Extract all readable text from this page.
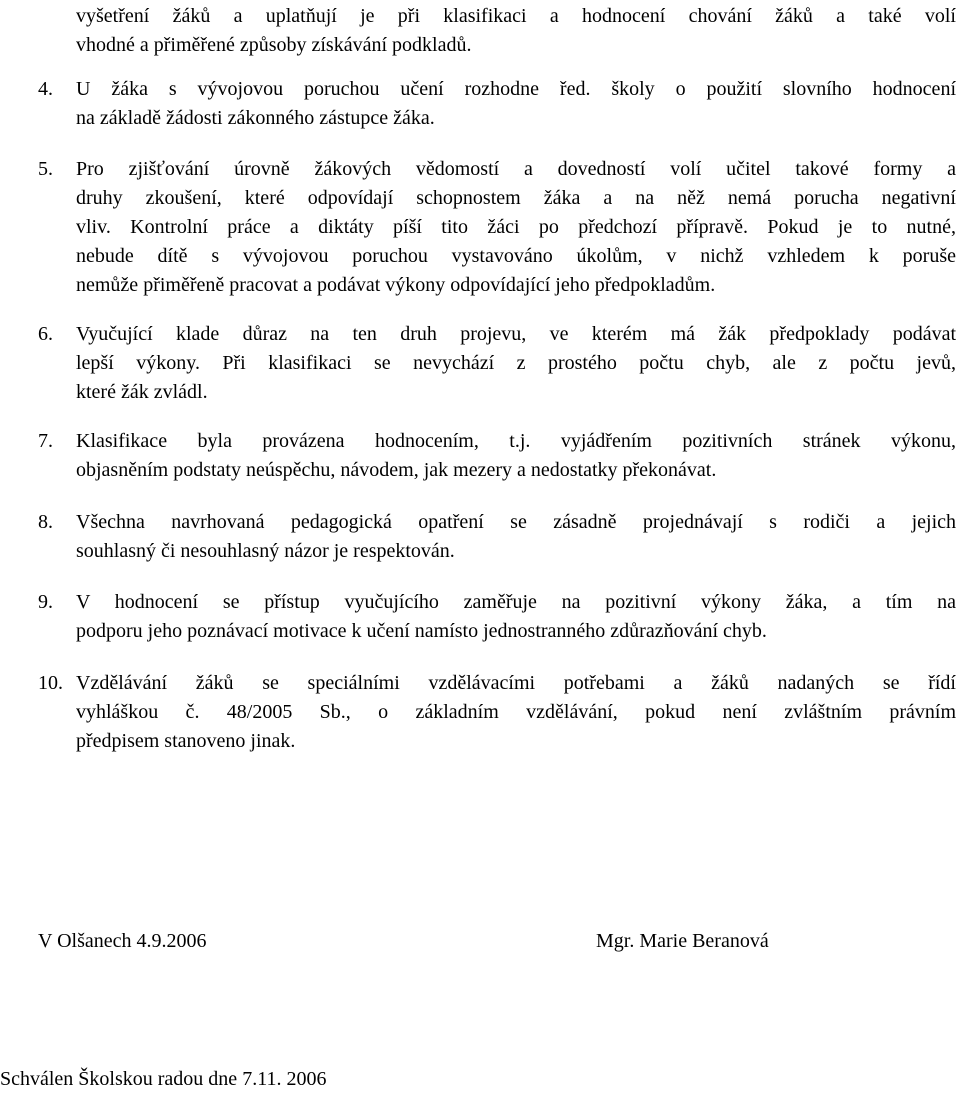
vyšetření žáků a uplatňují je při klasifikaci a hodnocení chování žáků a také volí
vhodné a přiměřené způsoby získávání podkladů.
4. U žáka s vývojovou poruchou učení rozhodne řed. školy o použití slovního hodnocení
na základě žádosti zákonného zástupce žáka.
5. Pro zjišťování úrovně žákových vědomostí a dovedností volí učitel takové formy a
druhy zkoušení, které odpovídají schopnostem žáka a na něž nemá porucha negativní
vliv. Kontrolní práce a diktáty píší tito žáci po předchozí přípravě. Pokud je to nutné,
nebude dítě s vývojovou poruchou vystavováno úkolům, v nichž vzhledem k poruše
nemůže přiměřeně pracovat a podávat výkony odpovídající jeho předpokladům.
6. Vyučující klade důraz na ten druh projevu, ve kterém má žák předpoklady podávat
lepší výkony. Při klasifikaci se nevychází z prostého počtu chyb, ale z počtu jevů,
které žák zvládl.
7. Klasifikace byla provázena hodnocením, t.j. vyjádřením pozitivních stránek výkonu,
objasněním podstaty neúspěchu, návodem, jak mezery a nedostatky překonávat.
8. Všechna navrhovaná pedagogická opatření se zásadně projednávají s rodiči a jejich
souhlasný či nesouhlasný názor je respektován.
9. V hodnocení se přístup vyučujícího zaměřuje na pozitivní výkony žáka, a tím na
podporu jeho poznávací motivace k učení namísto jednostranného zdůrazňování chyb.
10. Vzdělávání žáků se speciálními vzdělávacími potřebami a žáků nadaných se řídí
vyhláškou č. 48/2005 Sb., o základním vzdělávání, pokud není zvláštním právním
předpisem stanoveno jinak.
V Olšanech 4.9.2006	Mgr. Marie Beranová
Schválen Školskou radou dne 7.11. 2006
